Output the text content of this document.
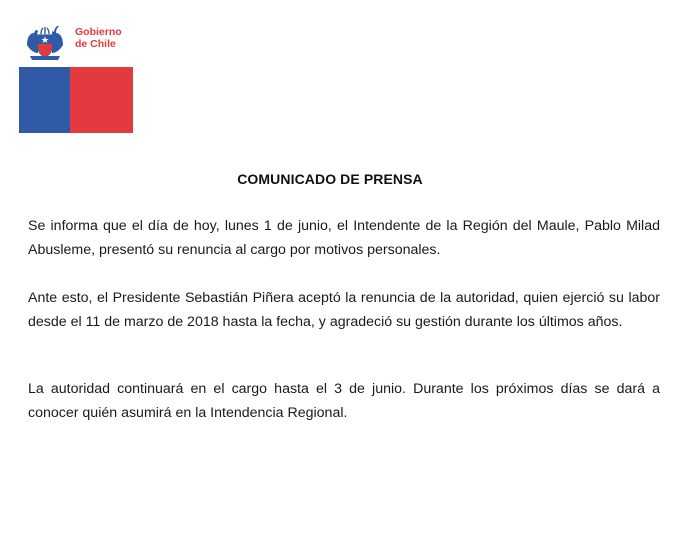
Gobierno
de Chile
COMUNICADO DE PRENSA

Se informa que el día de hoy, lunes 1 de junio, el Intendente de la Región del Maule, Pablo Milad Abusleme, presentó su renuncia al cargo por motivos personales.

Ante esto, el Presidente Sebastián Piñera aceptó la renuncia de la autoridad, quien ejerció su labor desde el 11 de marzo de 2018 hasta la fecha, y agradeció su gestión durante los últimos años.

La autoridad continuará en el cargo hasta el 3 de junio. Durante los próximos días se dará a conocer quién asumirá en la Intendencia Regional.
